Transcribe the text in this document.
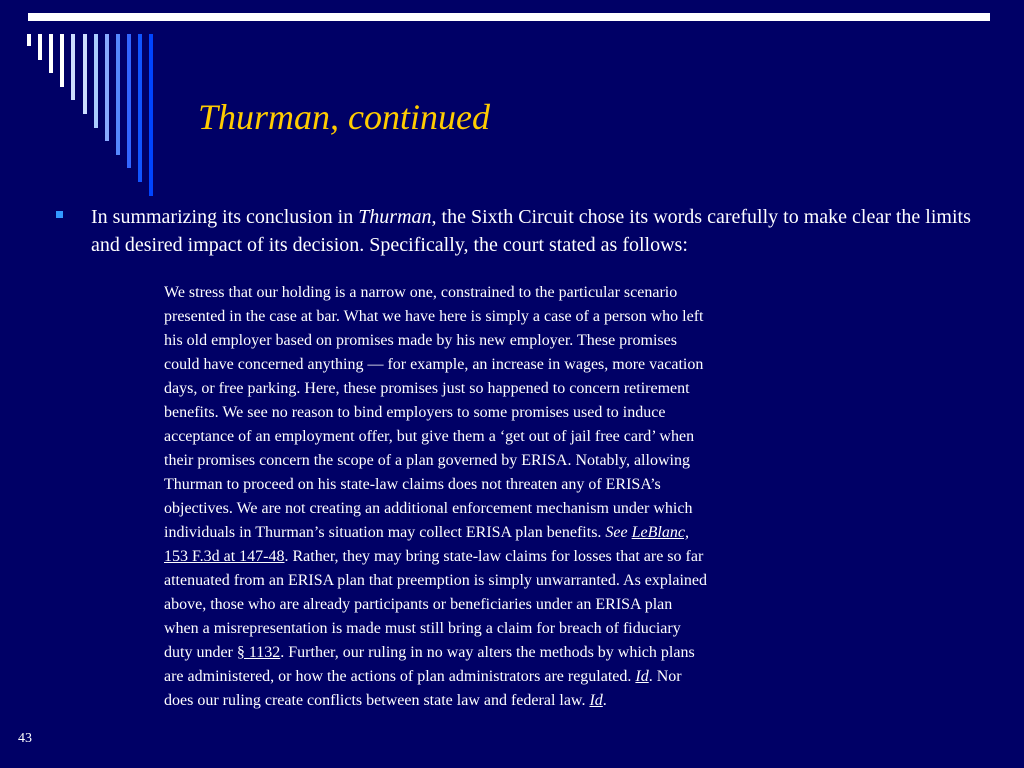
Thurman, continued

In summarizing its conclusion in Thurman, the Sixth Circuit chose its words carefully to make clear the limits and desired impact of its decision. Specifically, the court stated as follows:

We stress that our holding is a narrow one, constrained to the particular scenario
presented in the case at bar. What we have here is simply a case of a person who left
his old employer based on promises made by his new employer. These promises
could have concerned anything — for example, an increase in wages, more vacation
days, or free parking. Here, these promises just so happened to concern retirement
benefits. We see no reason to bind employers to some promises used to induce
acceptance of an employment offer, but give them a ‘get out of jail free card’ when
their promises concern the scope of a plan governed by ERISA. Notably, allowing
Thurman to proceed on his state-law claims does not threaten any of ERISA’s
objectives. We are not creating an additional enforcement mechanism under which
individuals in Thurman’s situation may collect ERISA plan benefits. See LeBlanc,
153 F.3d at 147-48. Rather, they may bring state-law claims for losses that are so far
attenuated from an ERISA plan that preemption is simply unwarranted. As explained
above, those who are already participants or beneficiaries under an ERISA plan
when a misrepresentation is made must still bring a claim for breach of fiduciary
duty under § 1132. Further, our ruling in no way alters the methods by which plans
are administered, or how the actions of plan administrators are regulated. Id. Nor
does our ruling create conflicts between state law and federal law. Id.
43
